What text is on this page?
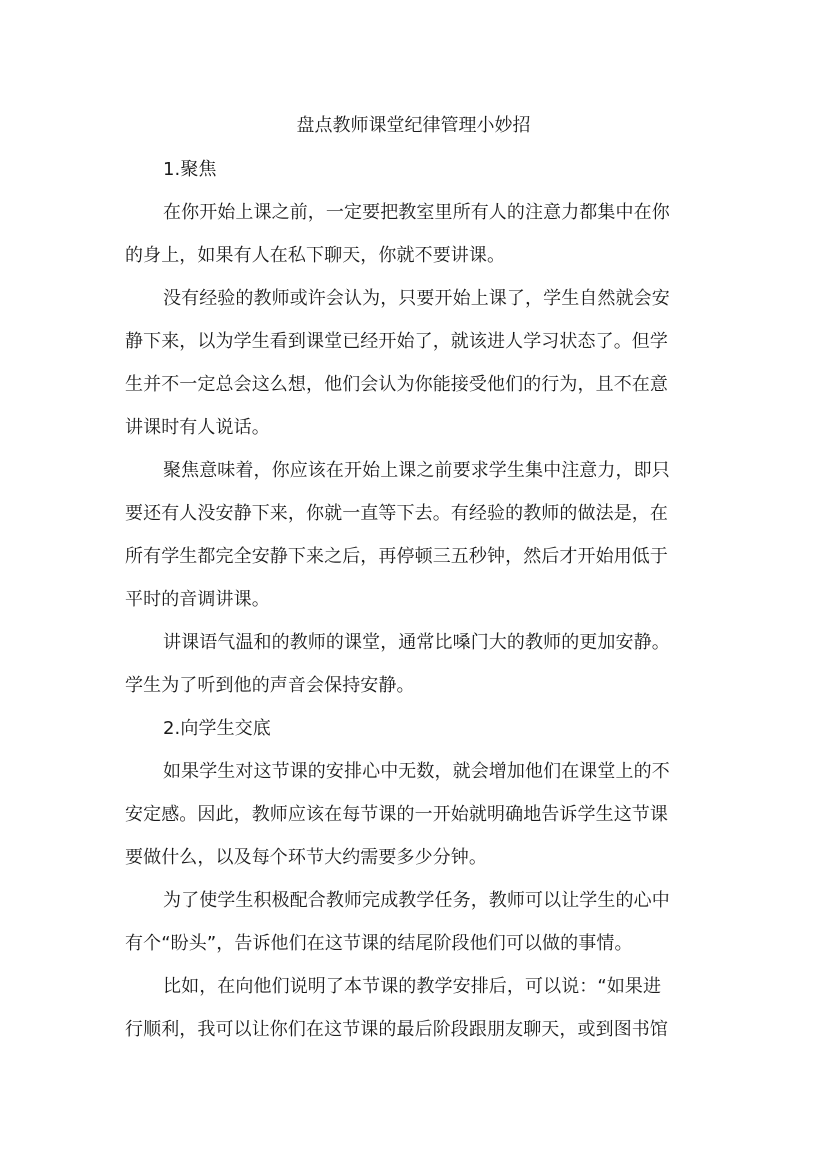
盘点教师课堂纪律管理小妙招
1.聚焦
在你开始上课之前，一定要把教室里所有人的注意力都集中在你
的身上，如果有人在私下聊天，你就不要讲课。
没有经验的教师或许会认为，只要开始上课了，学生自然就会安
静下来，以为学生看到课堂已经开始了，就该进人学习状态了。但学
生并不一定总会这么想，他们会认为你能接受他们的行为，且不在意
讲课时有人说话。
聚焦意味着，你应该在开始上课之前要求学生集中注意力，即只
要还有人没安静下来，你就一直等下去。有经验的教师的做法是，在
所有学生都完全安静下来之后，再停顿三五秒钟，然后才开始用低于
平时的音调讲课。
讲课语气温和的教师的课堂，通常比嗓门大的教师的更加安静。
学生为了听到他的声音会保持安静。
2.向学生交底
如果学生对这节课的安排心中无数，就会增加他们在课堂上的不
安定感。因此，教师应该在每节课的一开始就明确地告诉学生这节课
要做什么，以及每个环节大约需要多少分钟。
为了使学生积极配合教师完成教学任务，教师可以让学生的心中
有个“盼头”，告诉他们在这节课的结尾阶段他们可以做的事情。
比如，在向他们说明了本节课的教学安排后，可以说：“如果进
行顺利，我可以让你们在这节课的最后阶段跟朋友聊天，或到图书馆
